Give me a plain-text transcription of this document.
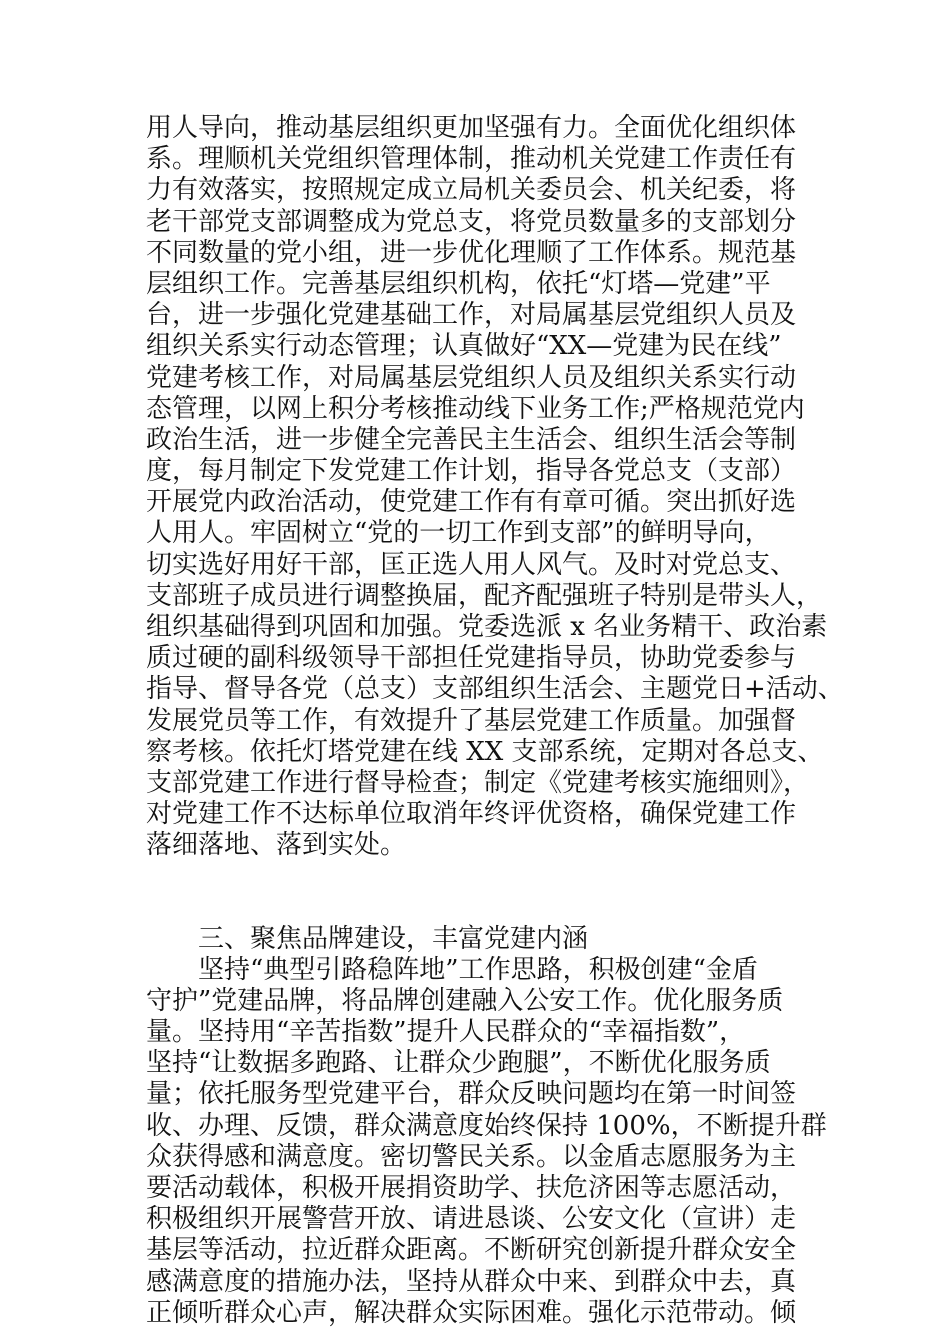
用人导向，推动基层组织更加坚强有力。全面优化组织体

系。理顺机关党组织管理体制，推动机关党建工作责任有

力有效落实，按照规定成立局机关委员会、机关纪委，将

老干部党支部调整成为党总支，将党员数量多的支部划分

不同数量的党小组，进一步优化理顺了工作体系。规范基

层组织工作。完善基层组织机构，依托“灯塔—党建”平

台，进一步强化党建基础工作，对局属基层党组织人员及

组织关系实行动态管理；认真做好“XX—党建为民在线”

党建考核工作，对局属基层党组织人员及组织关系实行动

态管理，以网上积分考核推动线下业务工作;严格规范党内

政治生活，进一步健全完善民主生活会、组织生活会等制

度，每月制定下发党建工作计划，指导各党总支（支部）

开展党内政治活动，使党建工作有有章可循。突出抓好选

人用人。牢固树立“党的一切工作到支部”的鲜明导向，

切实选好用好干部，匡正选人用人风气。及时对党总支、

支部班子成员进行调整换届，配齐配强班子特别是带头人，

组织基础得到巩固和加强。党委选派 x 名业务精干、政治素

质过硬的副科级领导干部担任党建指导员，协助党委参与

指导、督导各党（总支）支部组织生活会、主题党日+活动、

发展党员等工作，有效提升了基层党建工作质量。加强督

察考核。依托灯塔党建在线 XX 支部系统，定期对各总支、

支部党建工作进行督导检查；制定《党建考核实施细则》，

对党建工作不达标单位取消年终评优资格，确保党建工作

落细落地、落到实处。

三、聚焦品牌建设，丰富党建内涵

坚持“典型引路稳阵地”工作思路，积极创建“金盾

守护”党建品牌，将品牌创建融入公安工作。优化服务质

量。坚持用“辛苦指数”提升人民群众的“幸福指数”，

坚持“让数据多跑路、让群众少跑腿”，不断优化服务质

量；依托服务型党建平台，群众反映问题均在第一时间签

收、办理、反馈，群众满意度始终保持 100%，不断提升群

众获得感和满意度。密切警民关系。以金盾志愿服务为主

要活动载体，积极开展捐资助学、扶危济困等志愿活动，

积极组织开展警营开放、请进恳谈、公安文化（宣讲）走

基层等活动，拉近群众距离。不断研究创新提升群众安全

感满意度的措施办法，坚持从群众中来、到群众中去，真

正倾听群众心声，解决群众实际困难。强化示范带动。倾
